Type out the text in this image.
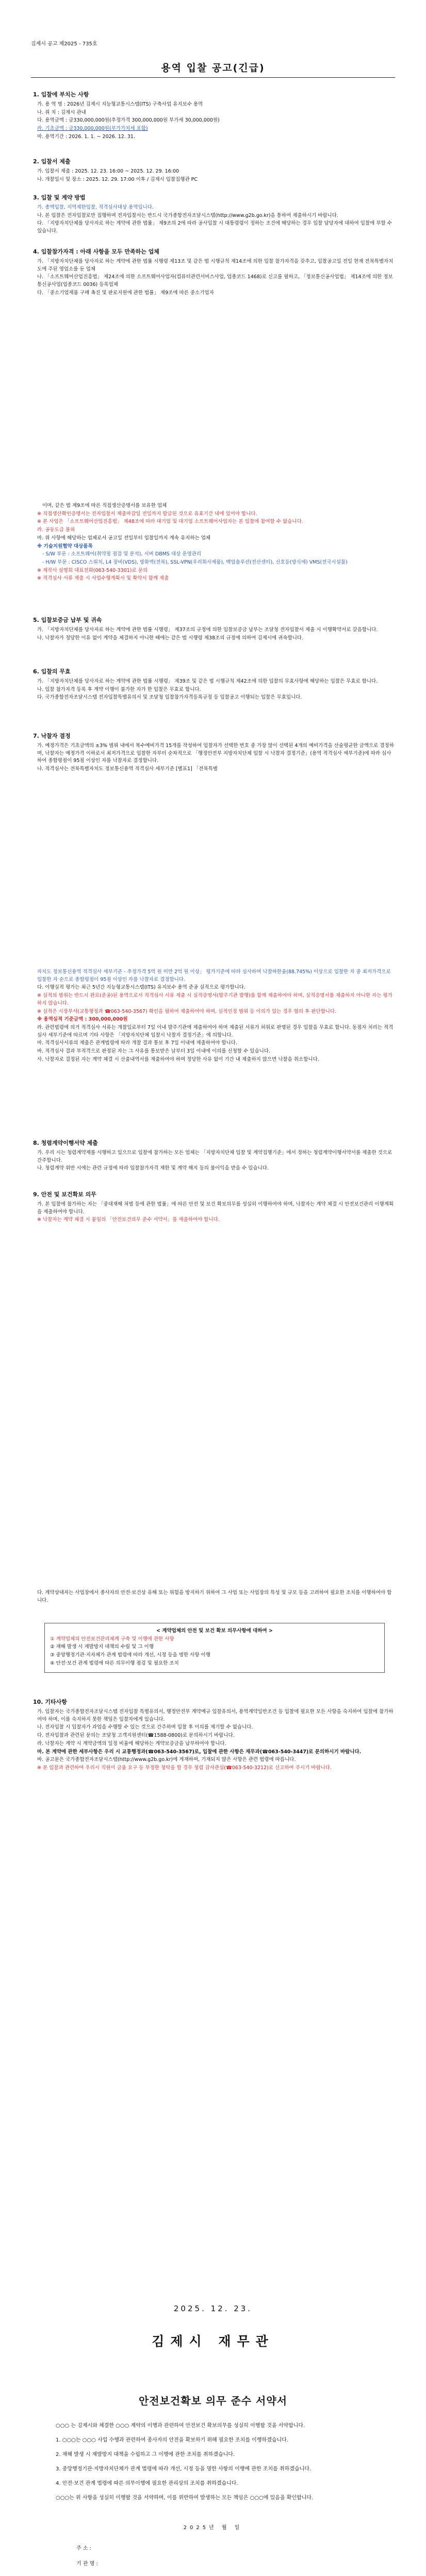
김제시 공고 제2025 - 735호
용역 입찰 공고(긴급)
1. 입찰에 부치는 사항

가. 용 역 명 : 2026년 김제시 지능형교통시스템(ITS) 구축사업 유지보수 용역

나. 위 치 : 김제시 관내

다. 용역금액 : 금330,000,000원(추정가격 300,000,000원 부가세 30,000,000원)

라. 기초금액 : 금330,000,000원(부가가치세 포함)

마. 용역기간 : 2026. 1. 1. ~ 2026. 12. 31.

2. 입찰서 제출

가. 입찰서 제출 : 2025. 12. 23. 16:00 ~ 2025. 12. 29. 16:00

나. 개찰일시 및 장소 : 2025. 12. 29. 17:00 이후 / 김제시 입찰집행관 PC

3. 입찰 및 계약 방법

가. 총액입찰, 지역제한입찰, 적격심사대상 용역입니다.

나. 본 입찰은 전자입찰로만 집행하며 전자입찰서는 반드시 국가종합전자조달시스템(http://www.g2b.go.kr)을 통하여 제출하시기 바랍니다.

다. 「지방자치단체를 당사자로 하는 계약에 관한 법률」 제9조의 2에 따라 공사입찰 시 대통령령이 정하는 조건에 해당하는 경우 입찰 담당자에 대하여 입찰에 부할 수 있습니다.

4. 입찰참가자격 : 아래 사항을 모두 만족하는 업체

가. 「지방자치단체를 당사자로 하는 계약에 관한 법률 시행령 제13조 및 같은 법 시행규칙 제14조에 의한 입찰 참가자격을 갖추고, 입찰공고일 전일 현재 전북특별자치도에 주된 영업소를 둔 업체

나. 「소프트웨어산업진흥법」 제24조에 의한 소프트웨어사업자(컴퓨터관련서비스사업, 업종코드 1468)로 신고를 필하고, 「정보통신공사업법」 제14조에 의한 정보통신공사업(업종코드 0036) 등록업체

다. 「중소기업제품 구매 촉진 및 판로지원에 관한 법률」 제9조에 따른 중소기업자

이며, 같은 법 제9조에 따른 직접생산증명서를 보유한 업체

※ 직접생산확인증명서는 전자입찰서 제출마감일 전일까지 발급된 것으로 유효기간 내에 있어야 합니다.

※ 본 사업은 「소프트웨어산업진흥법」 제48조에 따라 대기업 및 대기업 소프트웨어사업자는 본 입찰에 참여할 수 없습니다.

라. 공동도급 불허

마. 위 사항에 해당하는 업체로서 공고일 전일부터 입찰일까지 계속 유지하는 업체

※ 기술지원협약 대상품목

- S/W 부문 : 소프트웨어(취약점 점검 및 분석), 서버 DBMS 대상 운영관리

- H/W 부문 : CISCO 스위치, L4 장비(VDS), 방화벽(전북), SSL-VPN(우리회사제품), 백업솔루션(전산센터), 신호등(방식에) VMS(전국시설물)

※ 제작사 설명회 대표전화(063-540-3301)로 문의

※ 적격심사 서류 제출 시 사업수행계획서 및 확약서 함께 제출

5. 입찰보증금 납부 및 귀속

가. 「지방자치단체를 당사자로 하는 계약에 관한 법률 시행령」 제37조의 규정에 의한 입찰보증금 납부는 조달청 전자입찰서 제출 시 이행확약서로 갈음합니다.

나. 낙찰자가 정당한 이유 없이 계약을 체결하지 아니한 때에는 같은 법 시행령 제38조의 규정에 의하여 김제시에 귀속합니다.

6. 입찰의 무효

가. 「지방자치단체를 당사자로 하는 계약에 관한 법률 시행령」 제39조 및 같은 법 시행규칙 제42조에 의한 입찰의 무효사항에 해당하는 입찰은 무효로 합니다.

나. 입찰 참가자격 등록 후 계약 이행이 불가한 자가 한 입찰은 무효로 합니다.

다. 국가종합전자조달시스템 전자입찰특별유의서 및 조달청 입찰참가자격등록규정 등 입찰공고 이행되는 입찰은 무효입니다.

7. 낙찰자 결정

가. 예정가격은 기초금액의 ±3% 범위 내에서 복수예비가격 15개를 작성하여 입찰자가 선택한 번호 중 가장 많이 선택된 4개의 예비가격을 산술평균한 금액으로 결정하며, 낙찰자는 예정가격 이하로서 최저가격으로 입찰한 자부터 순차적으로 「행정안전부 지방자치단체 입찰 시 낙찰자 결정기준」(용역 적격심사 세부기준)에 따라 심사하여 종합평점이 95점 이상인 자를 낙찰자로 결정합니다.

나. 적격심사는 전북특별자치도 정보통신용역 적격심사 세부기준 [별표1] 「전북특별

자치도 정보통신용역 적격심사 세부기준 - 추정가격 5억 원 미만 2억 원 이상」 평가기준에 따라 심사하며 낙찰하한율(88.745%) 이상으로 입찰한 자 중 최저가격으로 입찰한 자 순으로 종합평점이 95점 이상인 자를 낙찰자로 결정합니다.

다. 이행실적 평가는 최근 5년간 지능형교통시스템(ITS) 유지보수 용역 준공 실적으로 평가합니다.

※ 실적의 범위는 반드시 완료(준공)된 용역으로서 적격심사 서류 제출 시 실적증명서(발주기관 발행)를 함께 제출하여야 하며, 실적증명서를 제출하지 아니한 자는 평가하지 않습니다.

※ 실적은 시장부서(교통행정과 ☎063-540-3567) 확인을 필하여 제출하여야 하며, 실적인정 범위 등 이의가 있는 경우 협의 후 판단합니다.

※ 용역실적 기준금액 : 300,000,000원

라. 관련법령에 의거 적격심사 서류는 개찰일로부터 7일 이내 발주기관에 제출하여야 하며 제출된 서류가 허위로 판명된 경우 입찰을 무효로 합니다. 동점자 처리는 적격심사 세부기준에 따르며 기타 사항은 「지방자치단체 입찰시 낙찰자 결정기준」에 의합니다.

마. 적격심사서류의 제출은 관계법령에 따라 개찰 결과 통보 후 7일 이내에 제출하여야 합니다.

바. 적격심사 결과 부적격으로 판정된 자는 그 사유를 통보받은 날부터 3일 이내에 이의를 신청할 수 있습니다.

사. 낙찰자로 결정된 자는 계약 체결 시 산출내역서를 제출하여야 하며 정당한 사유 없이 기간 내 제출하지 않으면 낙찰을 취소합니다.

8. 청렴계약이행서약 제출

가. 우리 시는 청렴계약제를 시행하고 있으므로 입찰에 참가하는 모든 업체는 「지방자치단체 입찰 및 계약집행기준」에서 정하는 청렴계약이행서약서를 제출한 것으로 간주합니다.

나. 청렴계약 위반 시에는 관련 규정에 따라 입찰참가자격 제한 및 계약 해지 등의 불이익을 받을 수 있습니다.

9. 안전 및 보건확보 의무

가. 본 입찰에 참가하는 자는 「중대재해 처벌 등에 관한 법률」에 따른 안전 및 보건 확보의무를 성실히 이행하여야 하며, 낙찰자는 계약 체결 시 안전보건관리 이행계획을 제출하여야 합니다.

※ 낙찰자는 계약 체결 시 붙임의 「안전보건의무 준수 서약서」를 제출하여야 합니다.

다. 계약상대자는 사업장에서 종사자의 안전·보건상 유해 또는 위험을 방지하기 위하여 그 사업 또는 사업장의 특성 및 규모 등을 고려하여 필요한 조치를 이행하여야 합니다.

< 계약업체의 안전 및 보건 확보 의무사항에 대하여 >

① 계약업체의 안전보건관리체계 구축 및 이행에 관한 사항

② 재해 발생 시 재발방지 대책의 수립 및 그 이행

③ 중앙행정기관·지자체가 관계 법령에 따라 개선, 시정 등을 명한 사항 이행

④ 안전·보건 관계 법령에 따른 의무이행 점검 및 필요한 조치

10. 기타사항

가. 입찰자는 국가종합전자조달시스템 전자입찰 특별유의서, 행정안전부 계약예규 입찰유의서, 용역계약일반조건 등 입찰에 필요한 모든 사항을 숙지하여 입찰에 참가하여야 하며, 이를 숙지하지 못한 책임은 입찰자에게 있습니다.

나. 전자입찰 시 입찰자가 과업을 수행할 수 있는 것으로 간주하며 입찰 후 이의를 제기할 수 없습니다.

다. 전자입찰과 관련된 문의는 조달청 고객지원센터(☎1588-0800)로 문의하시기 바랍니다.

라. 낙찰자는 계약 시 계약금액의 일정 비율에 해당하는 계약보증금을 납부하여야 합니다.

마. 본 계약에 관한 세부사항은 우리 시 교통행정과(☎063-540-3567)로, 입찰에 관한 사항은 재무과(☎063-540-3447)로 문의하시기 바랍니다.

바. 공고문은 국가종합전자조달시스템(http://www.g2b.go.kr)에 게재하며, 기재되지 않은 사항은 관련 법령에 따릅니다.

※ 본 입찰과 관련하여 우리시 직원이 금품 요구 등 부정한 청탁을 할 경우 청렴 감사관실(☎063-540-3212)로 신고하여 주시기 바랍니다.

2025. 12. 23.
김제시 재무관
안전보건확보 의무 준수 서약서

○○○ 는 김제시와 체결한 ○○○ 계약의 이행과 관련하여 안전보건 확보의무를 성실히 이행할 것을 서약합니다.

1. ○○○는 ○○○ 사업 수행과 관련하여 종사자의 안전을 확보하기 위해 필요한 조치를 이행하겠습니다.

2. 재해 발생 시 재발방지 대책을 수립하고 그 이행에 관한 조치를 취하겠습니다.

3. 중앙행정기관·지방자치단체가 관계 법령에 따라 개선, 시정 등을 명한 사항의 이행에 관한 조치를 취하겠습니다.

4. 안전·보건 관계 법령에 따른 의무이행에 필요한 관리상의 조치를 취하겠습니다.

○○○는 위 사항을 성실히 이행할 것을 서약하며, 이를 위반하여 발생하는 모든 책임은 ○○○에 있음을 확인합니다.

2025년 월 일

주 소 :
기 관 명 :
